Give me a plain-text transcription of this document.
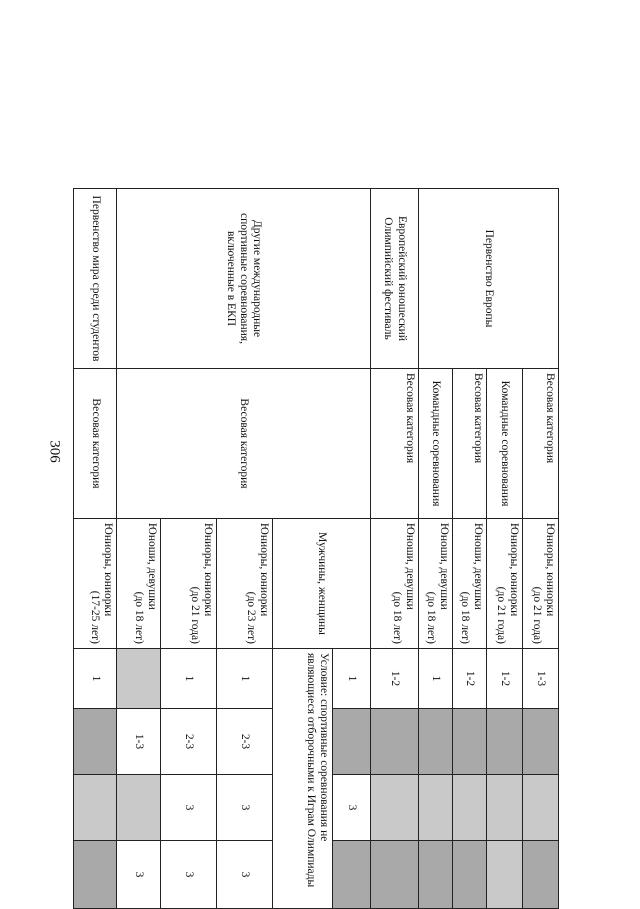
306
Первенство Европы	Весовая категория	Юниоры, юниорки
(до 21 года)	1-3			
	Командные соревнования	Юниоры, юниорки
(до 21 года)	1-2			
	Весовая категория	Юноши, девушки
(до 18 лет)	1-2			
	Командные соревнования	Юноши, девушки
(до 18 лет)	1			
Европейский юношеский Олимпийский фестиваль	Весовая категория	Юноши, девушки
(до 18 лет)	1-2			
Другие международные спортивные соревнования, включенные в ЕКП	Весовая категория	Мужчины, женщины	1		3	
			Условие: спортивные соревнования не являющиеся отборочными к Играм Олимпиады			
		Юниоры, юниорки
(до 23 лет)	1	2-3	3	3
		Юниоры, юниорки
(до 21 года)	1	2-3	3	3
		Юноши, девушки
(до 18 лет)		1-3		3
Первенство мира среди студентов	Весовая категория	Юниоры, юниорки
(17-25 лет)	1			
